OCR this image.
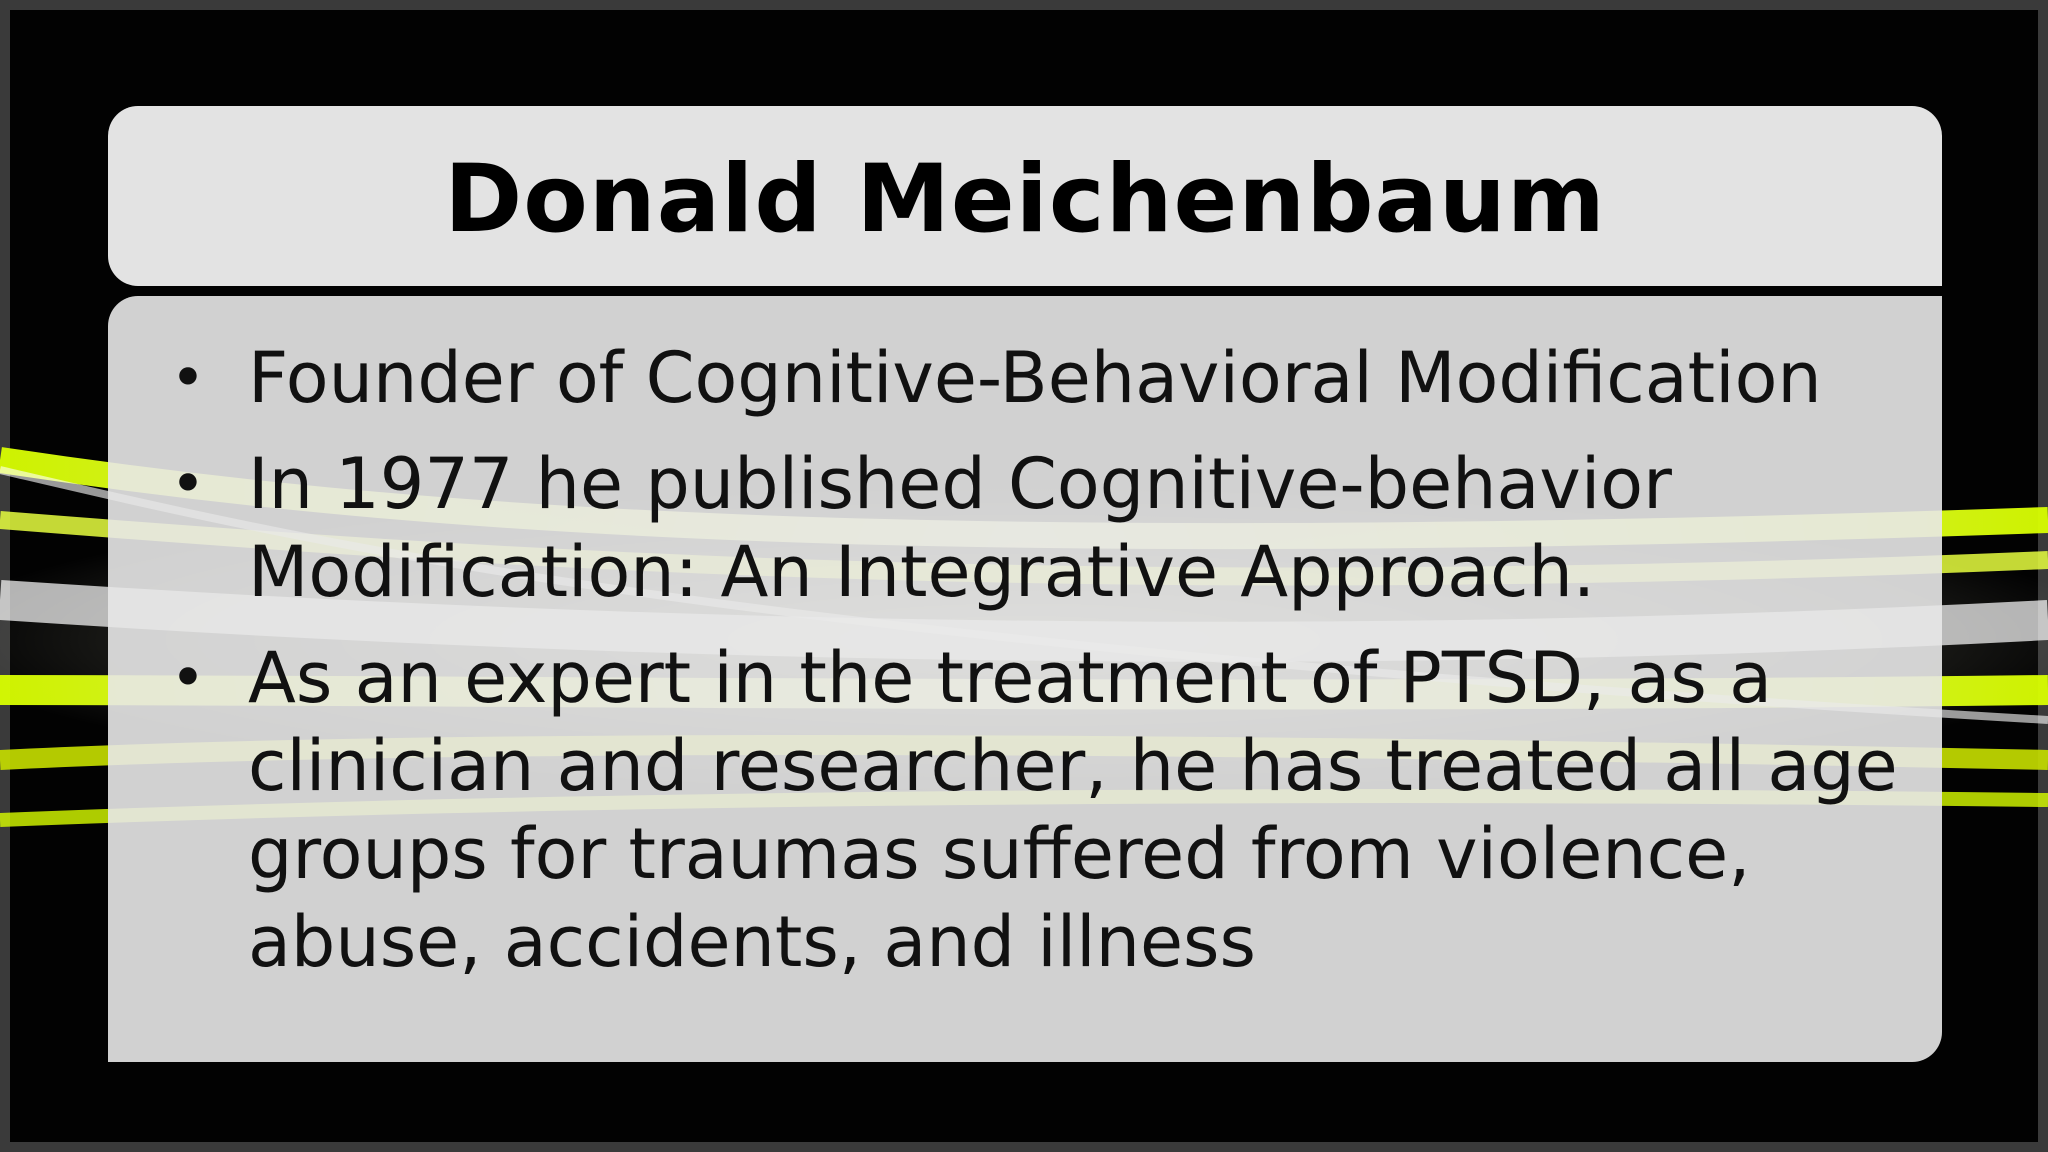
Donald Meichenbaum
• Founder of Cognitive-Behavioral Modification
• In 1977 he published Cognitive-behavior Modification: An Integrative Approach.
• As an expert in the treatment of PTSD, as a clinician and researcher, he has treated all age groups for traumas suffered from violence, abuse, accidents, and illness
